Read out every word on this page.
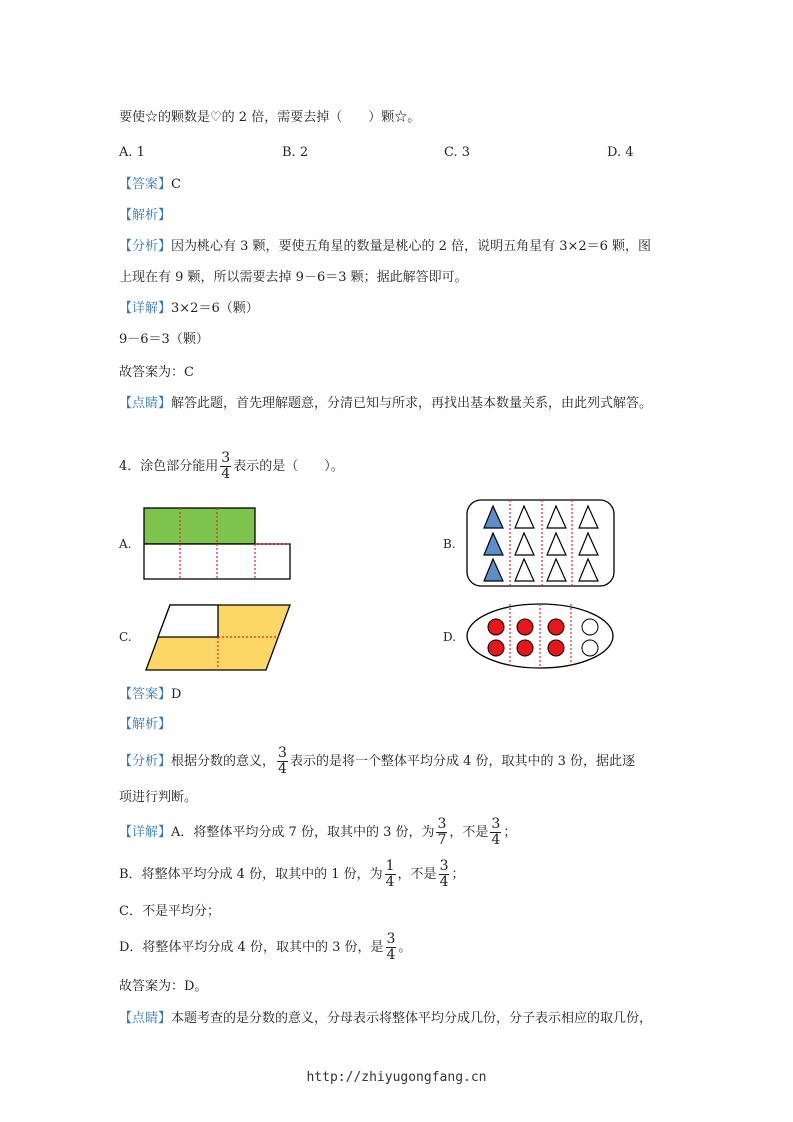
要使☆的颗数是♡的 2 倍，需要去掉（　　）颗☆。
A. 1	B. 2	C. 3	D. 4
【答案】C
【解析】
【分析】因为桃心有 3 颗，要使五角星的数量是桃心的 2 倍，说明五角星有 3×2＝6 颗，图
上现在有 9 颗，所以需要去掉 9－6＝3 颗；据此解答即可。
【详解】3×2＝6（颗）
9－6＝3（颗）
故答案为：C
【点睛】解答此题，首先理解题意，分清已知与所求，再找出基本数量关系，由此列式解答。
4．涂色部分能用 $\frac{3}{4}$ 表示的是（　　）。
A.	B.
C.	D.
【答案】D
【解析】
【分析】根据分数的意义， $\frac{3}{4}$ 表示的是将一个整体平均分成 4 份，取其中的 3 份，据此逐
项进行判断。
【详解】A．将整体平均分成 7 份，取其中的 3 份，为 $\frac{3}{7}$ ，不是 $\frac{3}{4}$ ；
B．将整体平均分成 4 份，取其中的 1 份，为 $\frac{1}{4}$ ，不是 $\frac{3}{4}$ ；
C．不是平均分；
D．将整体平均分成 4 份，取其中的 3 份，是 $\frac{3}{4}$ 。
故答案为：D。
【点睛】本题考查的是分数的意义，分母表示将整体平均分成几份，分子表示相应的取几份，
http://zhiyugongfang.cn
